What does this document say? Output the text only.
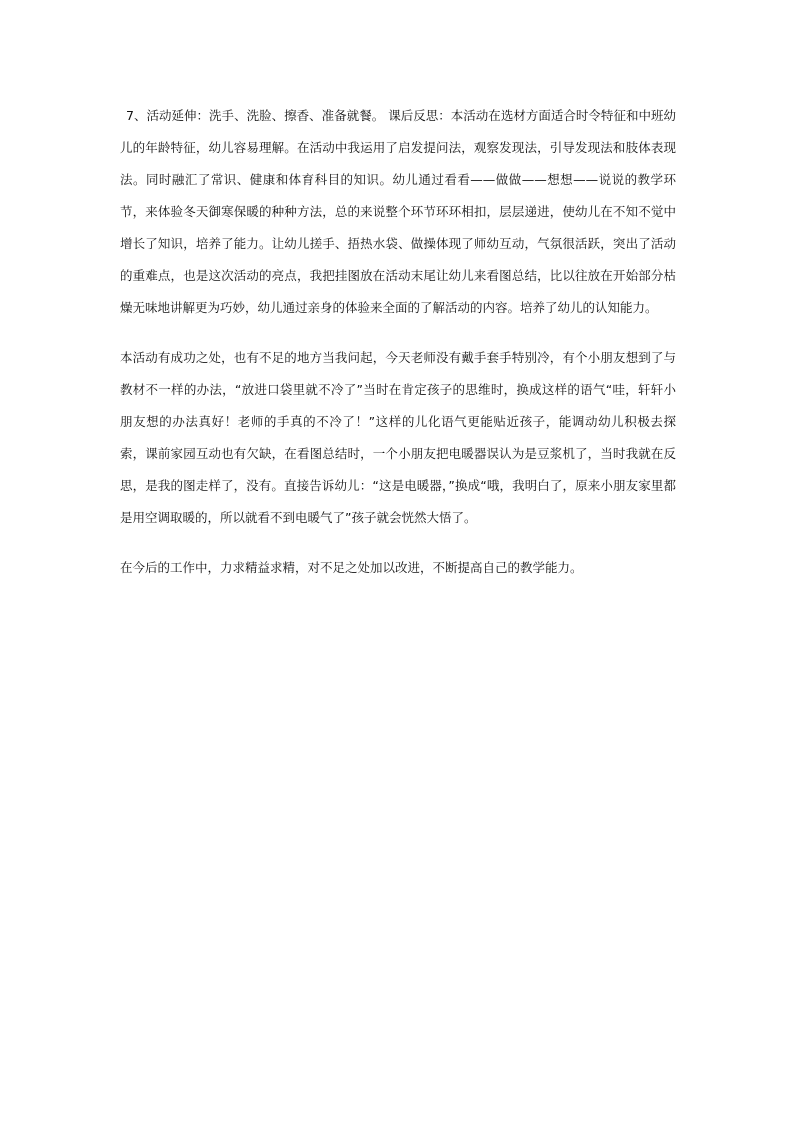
7、活动延伸：洗手、洗脸、擦香、准备就餐。 课后反思：本活动在选材方面适合时令特征和中班幼儿的年龄特征，幼儿容易理解。在活动中我运用了启发提问法，观察发现法，引导发现法和肢体表现法。同时融汇了常识、健康和体育科目的知识。幼儿通过看看——做做——想想——说说的教学环节，来体验冬天御寒保暖的种种方法，总的来说整个环节环环相扣，层层递进，使幼儿在不知不觉中增长了知识，培养了能力。让幼儿搓手、捂热水袋、做操体现了师幼互动，气氛很活跃，突出了活动的重难点，也是这次活动的亮点，我把挂图放在活动末尾让幼儿来看图总结，比以往放在开始部分枯燥无味地讲解更为巧妙，幼儿通过亲身的体验来全面的了解活动的内容。培养了幼儿的认知能力。

本活动有成功之处，也有不足的地方当我问起，今天老师没有戴手套手特别冷，有个小朋友想到了与教材不一样的办法，“放进口袋里就不冷了”当时在肯定孩子的思维时，换成这样的语气“哇，轩轩小朋友想的办法真好！老师的手真的不冷了！”这样的儿化语气更能贴近孩子，能调动幼儿积极去探索，课前家园互动也有欠缺，在看图总结时，一个小朋友把电暖器误认为是豆浆机了，当时我就在反思，是我的图走样了，没有。直接告诉幼儿：“这是电暖器，”换成“哦，我明白了，原来小朋友家里都是用空调取暖的，所以就看不到电暖气了”孩子就会恍然大悟了。

在今后的工作中，力求精益求精，对不足之处加以改进，不断提高自己的教学能力。
